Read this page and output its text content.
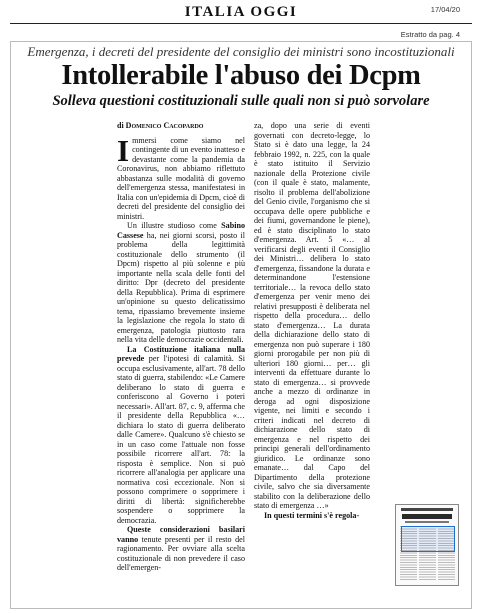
ITALIA OGGI	17/04/20
Estratto da pag. 4
Emergenza, i decreti del presidente del consiglio dei ministri sono incostituzionali
Intollerabile l'abuso dei Dcpm
Solleva questioni costituzionali sulle quali non si può sorvolare
di Domenico Cacopardo

Immersi come siamo nel contingente di un evento inatteso e devastante come la pandemia da Coronavirus, non abbiamo riflettuto abbastanza sulle modalità di governo dell'emergenza stessa, manifestatesi in Italia con un'epidemia di Dpcm, cioè di decreti del presidente del consiglio dei ministri.

Un illustre studioso come Sabino Cassese ha, nei giorni scorsi, posto il problema della legittimità costituzionale dello strumento (il Dpcm) rispetto al più solenne e più importante nella scala delle fonti del diritto: Dpr (decreto del presidente della Repubblica). Prima di esprimere un'opinione su questo delicatissimo tema, ripassiamo brevemente insieme la legislazione che regola lo stato di emergenza, patologia piuttosto rara nella vita delle democrazie occidentali.

La Costituzione italiana nulla prevede per l'ipotesi di calamità. Si occupa esclusivamente, all'art. 78 dello stato di guerra, stabilendo: «Le Camere deliberano lo stato di guerra e conferiscono al Governo i poteri necessari». All'art. 87, c. 9, afferma che il presidente della Repubblica «… dichiara lo stato di guerra deliberato dalle Camere». Qualcuno s'è chiesto se in un caso come l'attuale non fosse possibile ricorrere all'art. 78: la risposta è semplice. Non si può ricorrere all'analogia per applicare una normativa così eccezionale. Non si possono comprimere o sopprimere i diritti di libertà: significherebbe sospendere o sopprimere la democrazia.

Queste considerazioni basilari vanno tenute presenti per il resto del ragionamento. Per ovviare alla scelta costituzionale di non prevedere il caso dell'emergen-

za, dopo una serie di eventi governati con decreto-legge, lo Stato si è dato una legge, la 24 febbraio 1992, n. 225, con la quale è stato istituito il Servizio nazionale della Protezione civile (con il quale è stato, malamente, risolto il problema dell'abolizione del Genio civile, l'organismo che si occupava delle opere pubbliche e dei fiumi, governandone le piene), ed è stato disciplinato lo stato d'emergenza. Art. 5 «… al verificarsi degli eventi il Consiglio dei Ministri… delibera lo stato d'emergenza, fissandone la durata e determinandone l'estensione territoriale… la revoca dello stato d'emergenza per venir meno dei relativi presupposti è deliberata nel rispetto della procedura… dello stato d'emergenza… La durata della dichiarazione dello stato di emergenza non può superare i 180 giorni prorogabile per non più di ulteriori 180 giorni… per… gli interventi da effettuare durante lo stato di emergenza… si provvede anche a mezzo di ordinanze in deroga ad ogni disposizione vigente, nei limiti e secondo i criteri indicati nel decreto di dichiarazione dello stato di emergenza e nel rispetto dei principi generali dell'ordinamento giuridico. Le ordinanze sono emanate… dal Capo del Dipartimento della protezione civile, salvo che sia diversamente stabilito con la deliberazione dello stato di emergenza …»

In questi termini s'è regola-
